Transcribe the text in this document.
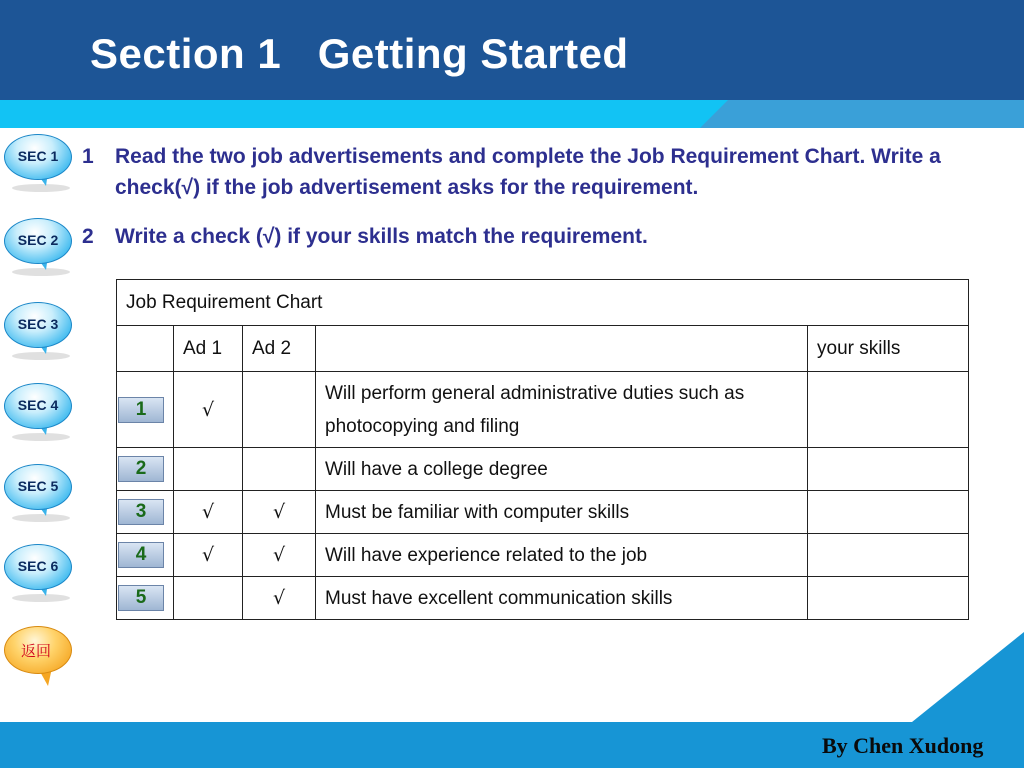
Section 1   Getting Started
SEC 1
SEC 2
SEC 3
SEC 4
SEC 5
SEC 6
返回
1	Read the two job advertisements and complete the Job Requirement Chart. Write a check(√) if the job advertisement asks for the requirement.
2	Write a check (√) if your skills match the requirement.
Job Requirement Chart				
	Ad 1	Ad 2		your skills
1	√		Will perform general administrative duties such as photocopying and filing	
2			Will have a college degree	
3	√	√	Must be familiar with computer skills	
4	√	√	Will have experience related to the job	
5		√	Must have excellent communication skills	
By Chen Xudong
